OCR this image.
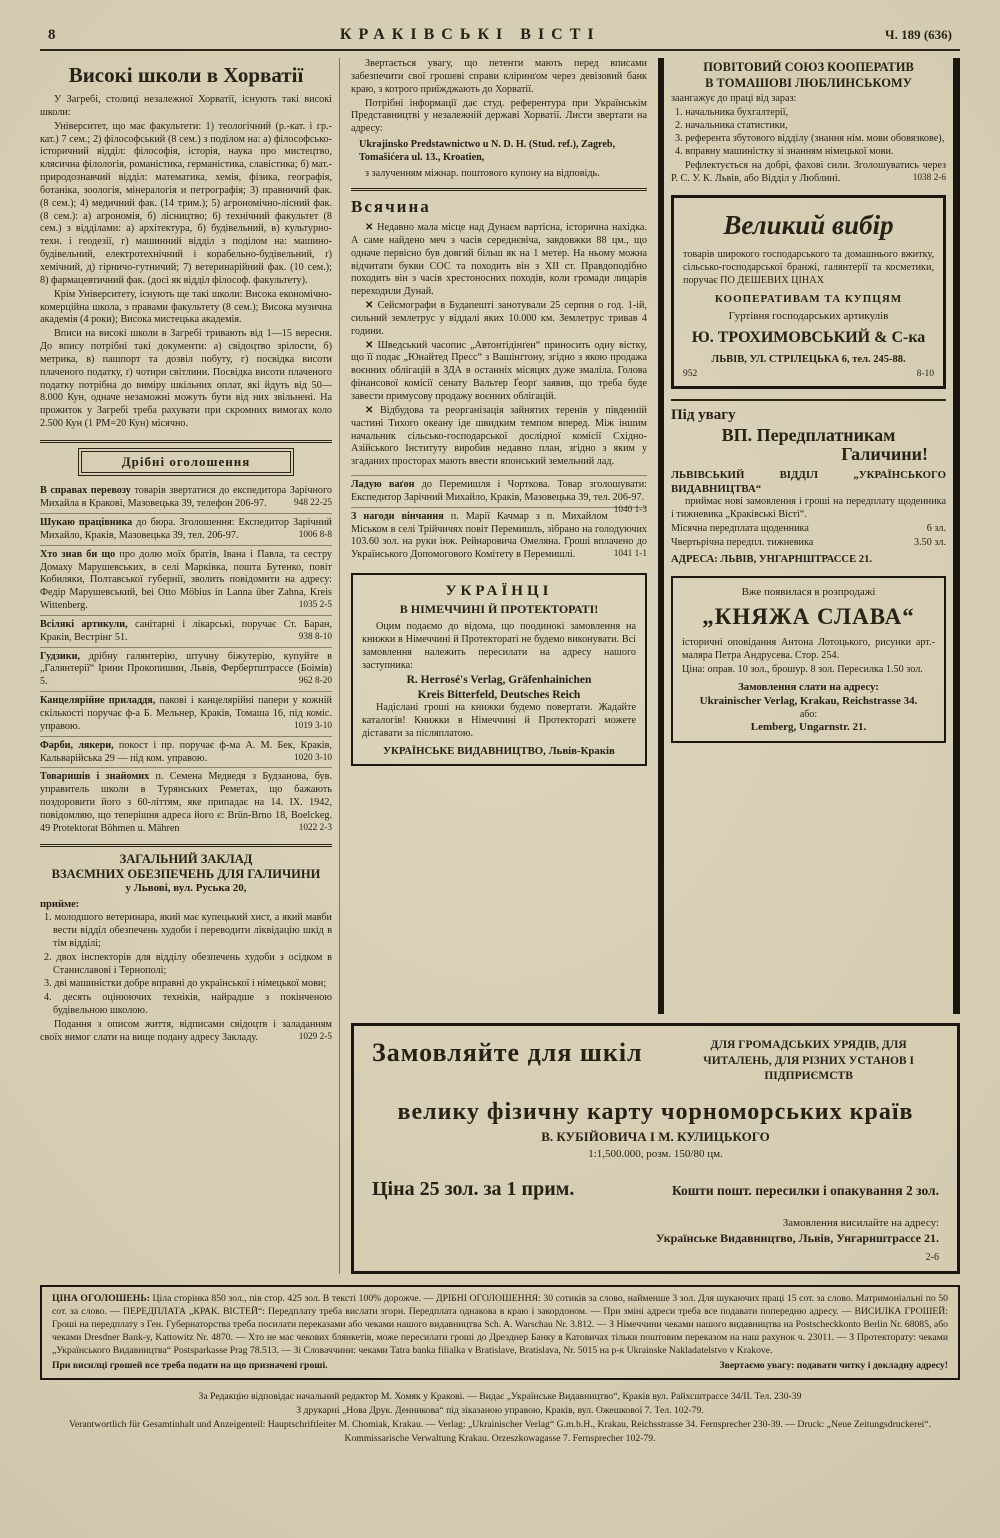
8	КРАКІВСЬКІ ВІСТІ	Ч. 189 (636)
Високі школи в Хорватії

У Загребі, столиці незалежної Хорватії, існують такі високі школи:

Університет, що має факультети: 1) теологічний (р.-кат. і гр.-кат.) 7 сем.; 2) філософський (8 сем.) з поділом на: а) філософсько-історичний відділ: філософія, історія, наука про мистецтво, клясична філологія, романістика, германістика, славістика; б) мат.-природознавчий відділ: математика, хемія, фізика, географія, ботаніка, зоологія, мінералогія и петрографія; 3) правничий фак. (8 сем.); 4) медичний фак. (14 трим.); 5) агрономічно-лісний фак. (8 сем.): а) агрономія, б) лісництво; 6) технічний факультет (8 сем.) з відділами: а) архітектура, б) будівельний, в) культурно-техн. і геодезії, г) машинний відділ з поділом на: машино-будівельний, електротехнічний і корабельно-будівельний, ґ) хемічний, д) гірничо-гутничий; 7) ветеринарійний фак. (10 сем.); 8) фармацевтичний фак. (досі як відділ філософ. факультету).

Крім Університету, існують ще такі школи: Висока економічно-комерційна школа, з правами факультету (8 сем.); Висока музична академія (4 роки); Висока мистецька академія.

Вписи на високі школи в Загребі тривають від 1—15 вересня. До впису потрібні такі документи: а) свідоцтво зрілости, б) метрика, в) пашпорт та дозвіл побуту, г) посвідка висоти плаченого податку, ґ) чотири світлини. Посвідка висоти плаченого податку потрібна до виміру шкільних оплат, які йдуть від 50—8.000 Кун, одначе незаможні можуть бути від них звільнені. На прожиток у Загребі треба рахувати при скромних вимогах коло 2.500 Кун (1 РМ=20 Кун) місячно.

Дрібні оголошення

В справах перевозу товарів звертатися до експедитора Зарічного Михайла в Кракові, Мазовецька 39, телефон 206-97.	948 22-25

Шукаю працівника до бюра. Зголошення: Експедитор Зарічний Михайло, Краків, Мазовецька 39, тел. 206-97.	1006 8-8

Хто знав би що про долю моїх братів, Івана і Павла, та сестру Домаху Марушевських, в селі Марківка, пошта Бутенко, повіт Кобиляки, Полтавської губернії, зволить повідомити на адресу: Федір Марушевський, bei Otto Möbius in Lanna über Zahna, Kreis Wittenberg.	1035 2-5

Всілякі артикули, санітарні і лікарські, поручає Ст. Баран, Краків, Вестрінг 51.	938 8-10

Гудзики, дрібну галянтерію, штучну біжутерію, купуйте в „Галянтерії“ Ірини Прокопишин, Львів, Фербертштрассе (Боімів) 5.	962 8-20

Канцелярійне приладдя, пакові і канцелярійні папери у кожній скількості поручає ф-а Б. Мельнер, Краків, Томаша 16, під коміс. управою.	1019 3-10

Фарби, лякери, покост і пр. поручає ф-ма А. М. Бек, Краків, Кальварійська 29 — під ком. управою.	1020 3-10

Товаришів і знайомих п. Семена Медведя з Будзанова, був. управитель школи в Турянських Реметах, що бажають поздоровити його з 60-літтям, яке припадає на 14. IX. 1942, повідомляю, що теперішня адреса його є: Brün-Brno 18, Boelckeg. 49 Protektorat Böhmen u. Mähren	1022 2-3

ЗАГАЛЬНИЙ ЗАКЛАД
ВЗАЄМНИХ ОБЕЗПЕЧЕНЬ ДЛЯ ГАЛИЧИНИ
у Львові, вул. Руська 20,
прийме:

1. молодшого ветеринара, який має купецький хист, а який мавби вести відділ обезпечень худоби і переводити ліквідацію шкід в тім відділі;

2. двох інспекторів для відділу обезпечень худоби з осідком в Станиславові і Тернополі;

3. дві машиністки добре вправні до української і німецької мови;

4. десять оцінюючих техніків, найрадше з покінченою будівельною школою.

Подання з описом життя, відписами свідоцтв і заладанням своїх вимог слати на вище подану адресу Закладу.	1029 2-5

Звертається увагу, що петенти мають перед вписами забезпечити свої грошеві справи кліринґом через девізовий банк краю, з котрого приїжджають до Хорватії.

Потрібні інформації дає студ. референтура при Українськім Представництві у незалежній державі Хорватії. Листи звертати на адресу:

Ukrajinsko Predstawnictwo u N. D. H. (Stud. ref.), Zagreb, Tomašićera ul. 13., Kroatien,

з залученням міжнар. поштового купону на відповідь.

Всячина

✕ Недавно мала місце над Дунаєм вартісна, історична нахідка. А саме найдено меч з часів середнєвіча, завдовжки 88 цм., що одначе первісно був довгий більш як на 1 метер. На ньому можна відчитати букви СОС та походить він з XII ст. Правдоподібно походить він з часів хрестоносних походів, коли громади лицарів переходили Дунай.

✕ Сейсмографи в Будапешті занотували 25 серпня о год. 1-ій, сильний землетрус у віддалі яких 10.000 км. Землетрус тривав 4 години.

✕ Шведський часопис „Автонтідінґен“ приносить одну вістку, що її подає „Юнайтед Пресс“ з Вашінґтону, згідно з якою продажа воєнних облігацій в ЗДА в останніх місяцях дуже змаліла. Голова фінансової комісії сенату Вальтер Ґеорґ заявив, що треба буде завести примусову продажу воєнних облігацій.

✕ Відбудова та реорганізація зайнятих теренів у південній частині Тихого океану іде швидким темпом вперед. Між іншим начальник сільсько-господарської дослідної комісії Східно-Азійського Інституту виробив недавно план, згідно з яким у згаданих просторах мають ввести японський земельний лад.

Ладую ваґон до Перемишля і Чорткова. Товар зголошувати: Експедитор Зарічний Михайло, Краків, Мазовецька 39, тел. 206-97.
1040 1-3

З нагоди вінчання п. Марії Качмар з п. Михайлом Міськом в селі Трійчичях повіт Перемишль, зібрано на голодуючих 103.60 зол. на руки інж. Рейнаровича Омеляна. Гроші вплачено до Українського Допомогового Комітету в Перемишлі.	1041 1-1

УКРАЇНЦІ
В НІМЕЧЧИНІ Й ПРОТЕКТОРАТІ!

Оцим подаємо до відома, що поодинокі замовлення на книжки в Німеччині й Протектораті не будемо виконувати. Всі замовлення належить пересилати на адресу нашого заступника:

R. Herrosé's Verlag, Gräfenhainichen
Kreis Bitterfeld, Deutsches Reich

Надіслані гроші на книжки будемо повертати. Жадайте каталогів! Книжки в Німеччині й Протектораті можете діставати за післяплатою.

УКРАЇНСЬКЕ ВИДАВНИЦТВО, Львів-Краків
ПОВІТОВИЙ СОЮЗ КООПЕРАТИВ
В ТОМАШОВІ ЛЮБЛИНСЬКОМУ

заангажує до праці від зараз:

1. начальника бухгалтерії,

2. начальника статистики,

3. референта збутового відділу (знання нім. мови обовязкове),

4. вправну машиністку зі знанням німецької мови.

Рефлектується на добрі, фахові сили. Зголошуватись через Р. С. У. К. Львів, або Відділ у Люблині.	1038 2-6

Великий вибір

товарів широкого господарського та домашнього вжитку, сільсько-господарської бранжі, галянтерії та косметики, поручає ПО ДЕШЕВИХ ЦІНАХ

КООПЕРАТИВАМ ТА КУПЦЯМ
Гуртівня господарських артикулів
Ю. ТРОХИМОВСЬКИЙ & С-ка
ЛЬВІВ, УЛ. СТРІЛЕЦЬКА 6, тел. 245-88.
952	8-10
Під увагу
ВП. Передплатникам
Галичини!
ЛЬВІВСЬКИЙ ВІДДІЛ „УКРАЇНСЬКОГО ВИДАВНИЦТВА“

приймає нові замовлення і гроші на передплату щоденника і тижневика „Краківські Вісті“.

Місячна передплата щоденника	6 зл.

Чвертьрічна передпл. тижневика	3.50 зл.

АДРЕСА: ЛЬВІВ, УНГАРНШТРАССЕ 21.
Вже появилася в розпродажі
„КНЯЖА СЛАВА“

історичні оповідання Антона Лотоцького, рисунки арт.-маляра Петра Андрусева. Стор. 254.

Ціна: оправ. 10 зол., брошур. 8 зол. Пересилка 1.50 зол.

Замовлення слати на адресу:
Ukrainischer Verlag, Krakau, Reichstrasse 34.
або:
Lemberg, Ungarnstr. 21.
Замовляйте для шкіл	ДЛЯ ГРОМАДСЬКИХ УРЯДІВ, ДЛЯ ЧИТАЛЕНЬ, ДЛЯ РІЗНИХ УСТАНОВ І ПІДПРИЄМСТВ
велику фізичну карту чорноморських країв
В. КУБІЙОВИЧА І М. КУЛИЦЬКОГО
1:1,500.000, розм. 150/80 цм.
Ціна 25 зол. за 1 прим.	Кошти пошт. пересилки і опакування 2 зол.
Замовлення висилайте на адресу:
Українське Видавництво, Львів, Унгарнштрассе 21.
2-6

ЦІНА ОГОЛОШЕНЬ: Ціла сторінка 850 зол., пів стор. 425 зол. В тексті 100% дорожче. — ДРІБНІ ОГОЛОШЕННЯ: 30 сотиків за слово, найменше 3 зол. Для шукаючих праці 15 сот. за слово. Матримоніальні по 50 сот. за слово. — ПЕРЕДПЛАТА „КРАК. ВІСТЕЙ“: Передплату треба вислати згори. Передплата однакова в краю і закордоном. — При зміні адреси треба все подавати попередню адресу. — ВИСИЛКА ГРОШЕЙ: Гроші на передплату з Ген. Губернаторства треба посилати переказами або чеками нашого видавництва Sch. A. Warschau Nr. 3.812. — З Німеччини чеками нашого видавництва на Postscheckkonto Berlin Nr. 68085, або чеками Dresdner Bank-y, Kattowitz Nr. 4870. — Хто не має чекових блянкетів, може пересилати гроші до Дрезднер Банку в Катовичах тільки поштовим переказом на наш рахунок ч. 23011. — З Протекторату: чеками „Українського Видавництва“ Postsparkasse Prag 78.513. — Зі Словаччини: чеками Tatra banka filialka v Bratislave, Bratislava, Nr. 5015 на р-к Ukrainske Nakladatelstvo v Krakove.

При висилці грошей все треба подати на що призначені гроші.	Звертаємо увагу: подавати читку і докладну адресу!

За Редакцію відповідає начальний редактор М. Хомяк у Кракові. — Видає „Українське Видавництво“, Краків вул. Райхсштрассе 34/II. Тел. 230-39

З друкарні „Нова Друк. Денникова“ під зіказаною управою, Краків, вул. Ожешкової 7. Тел. 102-79.

Verantwortlich für Gesamtinhalt und Anzeigenteil: Hauptschriftleiter M. Chomiak, Krakau. — Verlag: „Ukrainischer Verlag“ G.m.b.H., Krakau, Reichsstrasse 34. Fernsprecher 230-39. — Druck: „Neue Zeitungsdruckerei“. Kommissarische Verwaltung Krakau. Orzeszkowagasse 7. Fernsprecher 102-79.
